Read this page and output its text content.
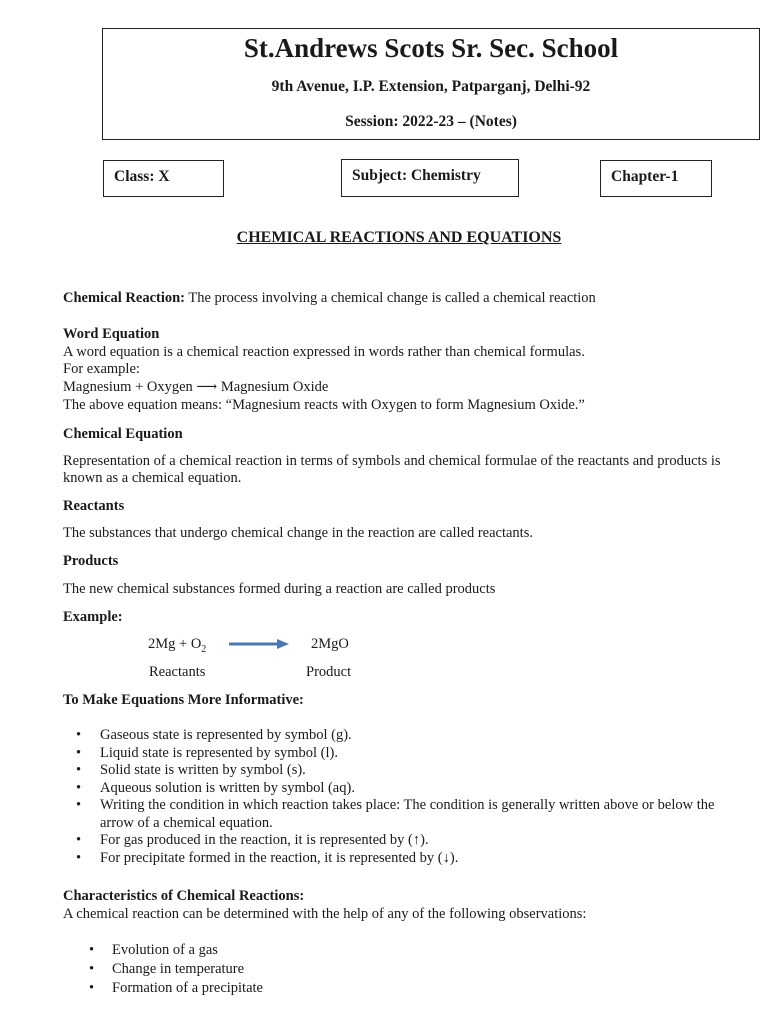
St.Andrews Scots Sr. Sec. School
9th Avenue, I.P. Extension, Patparganj, Delhi-92
Session: 2022-23 – (Notes)
Class: X	Subject: Chemistry	Chapter-1
CHEMICAL REACTIONS AND EQUATIONS
Chemical Reaction: The process involving a chemical change is called a chemical reaction
Word Equation
A word equation is a chemical reaction expressed in words rather than chemical formulas.
For example:
Magnesium + Oxygen ⟶ Magnesium Oxide
The above equation means: “Magnesium reacts with Oxygen to form Magnesium Oxide.”
Chemical Equation
Representation of a chemical reaction in terms of symbols and chemical formulae of the reactants and products is known as a chemical equation.
Reactants
The substances that undergo chemical change in the reaction are called reactants.
Products
The new chemical substances formed during a reaction are called products
Example:
$2Mg + O_2$	2MgO
Reactants	Product
To Make Equations More Informative:
• Gaseous state is represented by symbol (g).
• Liquid state is represented by symbol (l).
• Solid state is written by symbol (s).
• Aqueous solution is written by symbol (aq).
• Writing the condition in which reaction takes place: The condition is generally written above or below the arrow of a chemical equation.
• For gas produced in the reaction, it is represented by (↑).
• For precipitate formed in the reaction, it is represented by (↓).
Characteristics of Chemical Reactions:
A chemical reaction can be determined with the help of any of the following observations:
• Evolution of a gas
• Change in temperature
• Formation of a precipitate
